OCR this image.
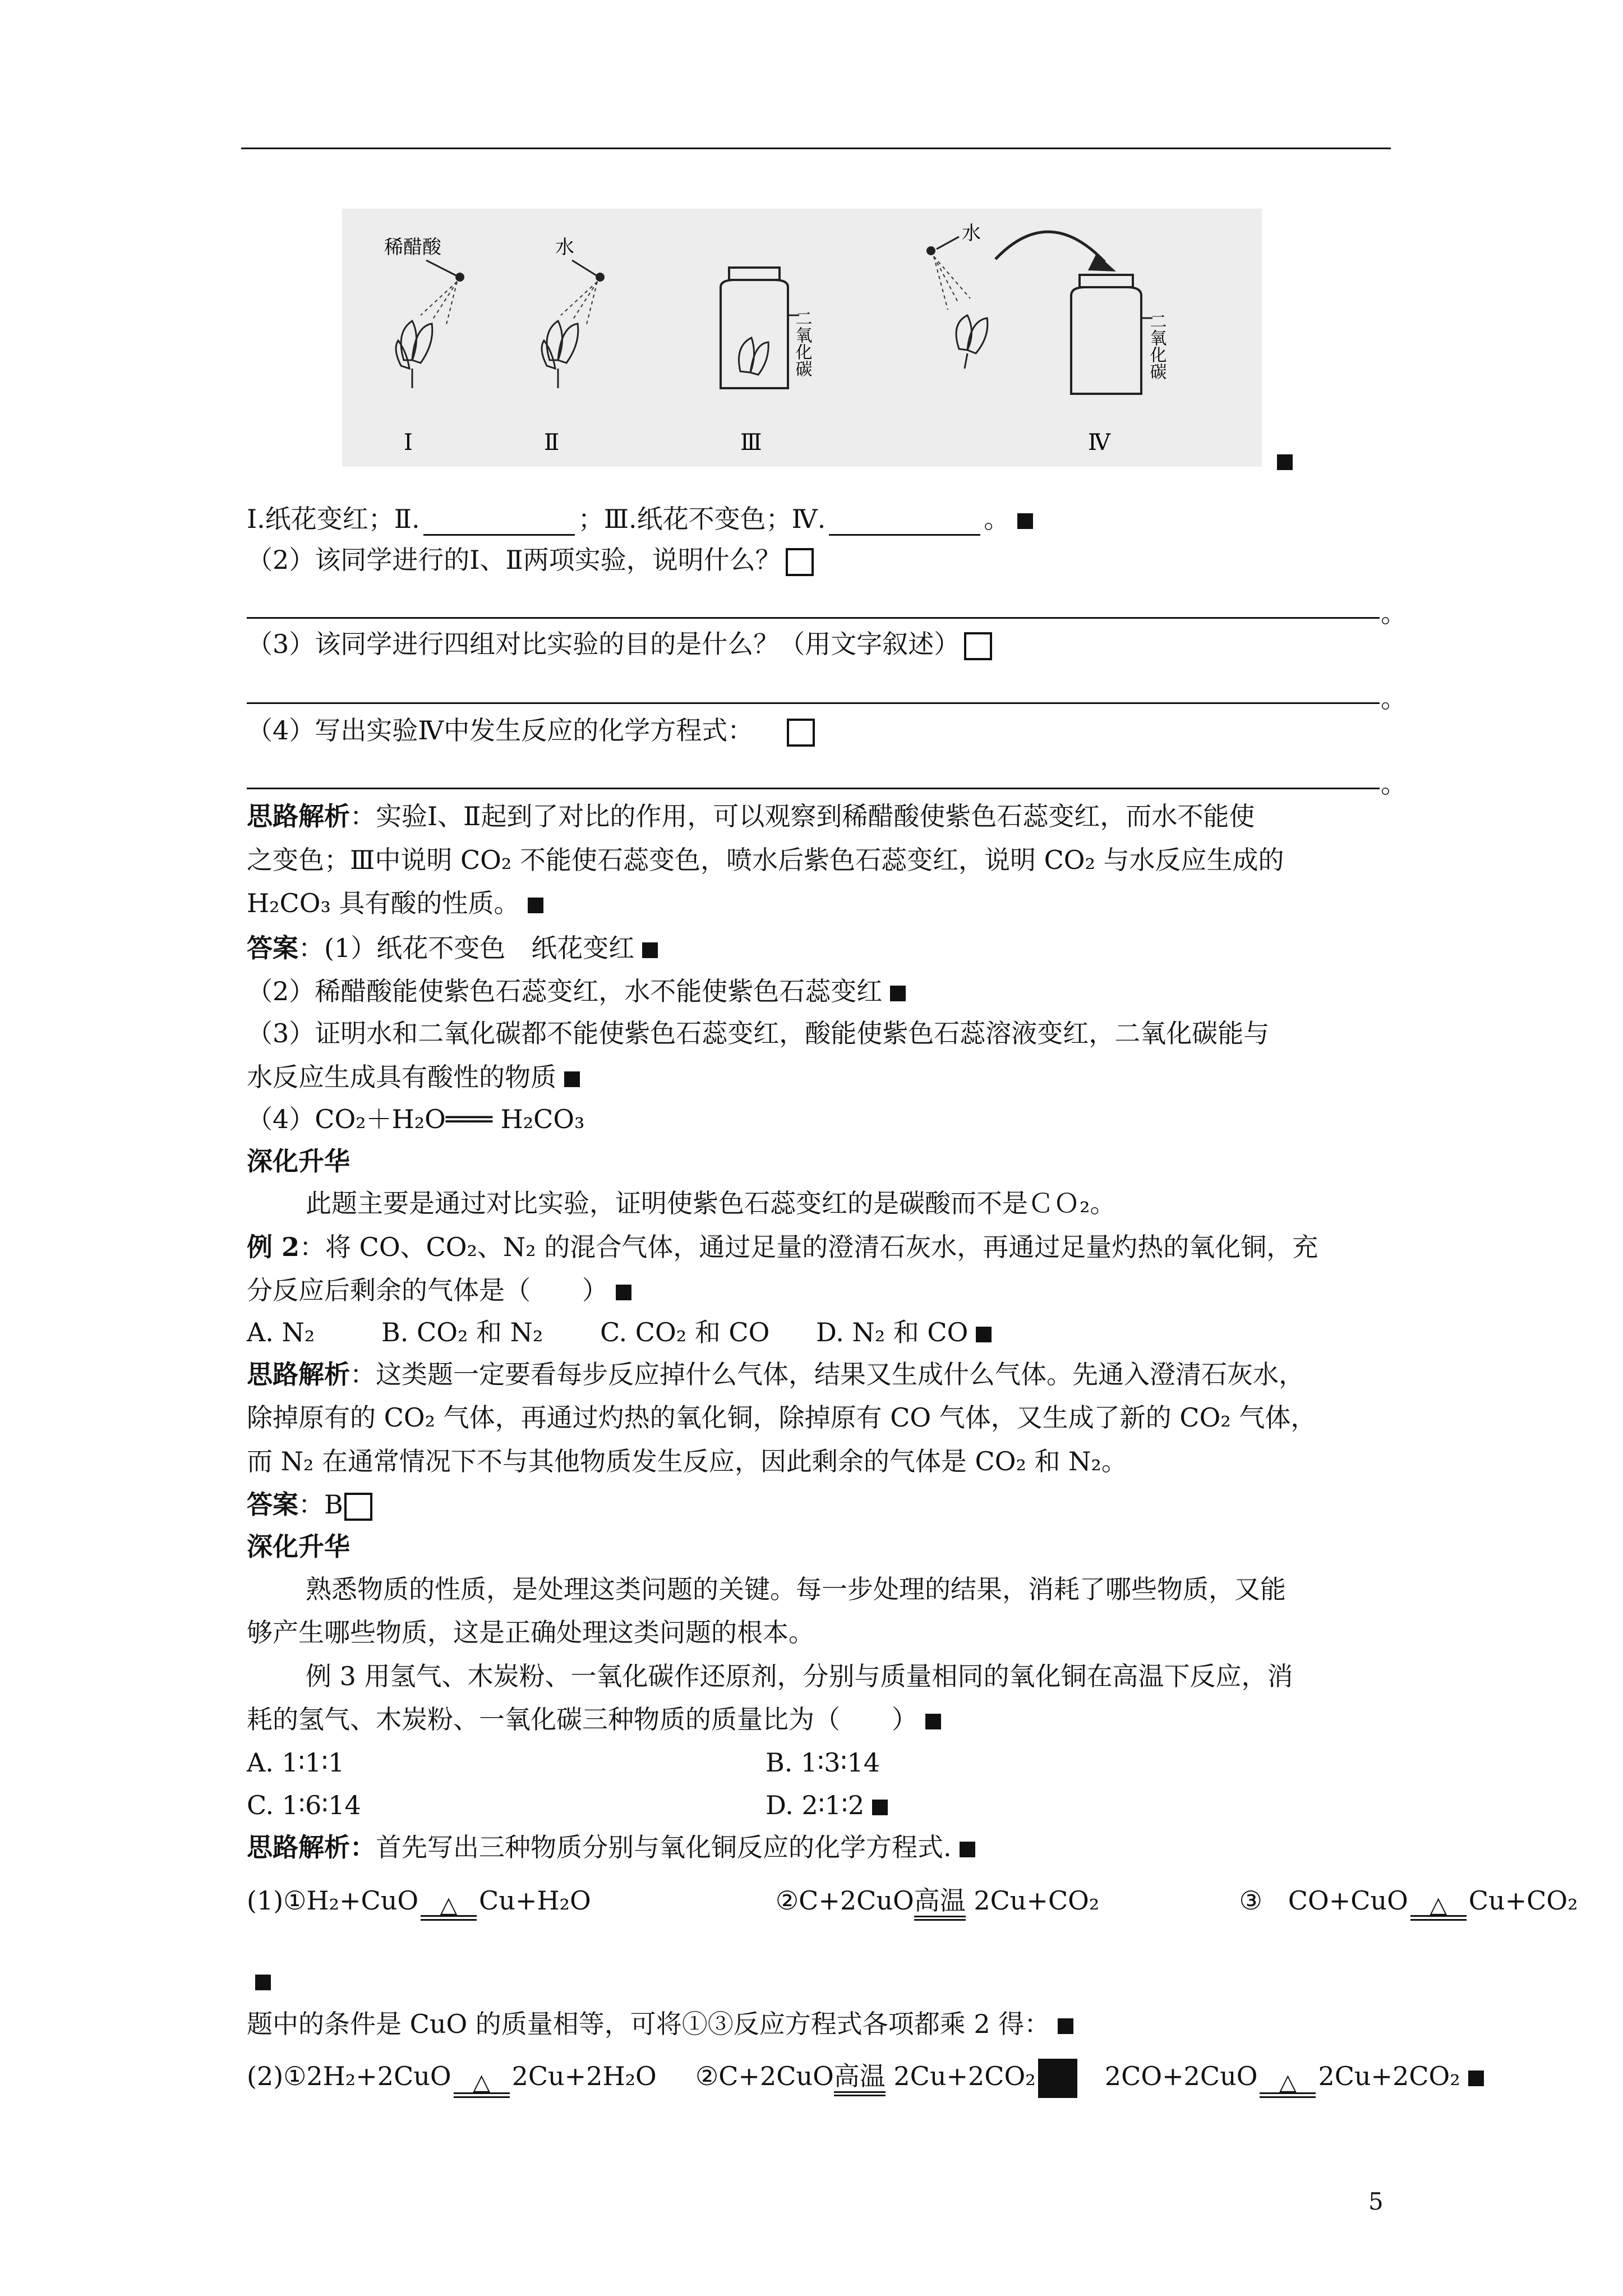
稀醋酸
Ⅰ
水
Ⅱ
二氧化碳
Ⅲ
水
二氧化碳
Ⅳ
Ⅰ.纸花变红；Ⅱ.	；Ⅲ.纸花不变色；Ⅳ.	。
（2）该同学进行的Ⅰ、Ⅱ两项实验，说明什么？
。
（3）该同学进行四组对比实验的目的是什么？（用文字叙述）
。
（4）写出实验Ⅳ中发生反应的化学方程式：
。
思路解析：实验Ⅰ、Ⅱ起到了对比的作用，可以观察到稀醋酸使紫色石蕊变红，而水不能使
之变色；Ⅲ中说明 CO₂ 不能使石蕊变色，喷水后紫色石蕊变红，说明 CO₂ 与水反应生成的
H₂CO₃ 具有酸的性质。
答案：(1）纸花不变色　纸花变红
（2）稀醋酸能使紫色石蕊变红，水不能使紫色石蕊变红
（3）证明水和二氧化碳都不能使紫色石蕊变红，酸能使紫色石蕊溶液变红，二氧化碳能与
水反应生成具有酸性的物质
（4）CO₂＋H₂O═══ H₂CO₃
深化升华
此题主要是通过对比实验，证明使紫色石蕊变红的是碳酸而不是ＣＯ₂。
例 2：将 CO、CO₂、N₂ 的混合气体，通过足量的澄清石灰水，再通过足量灼热的氧化铜，充
分反应后剩余的气体是（　　）
A. N₂	B. CO₂ 和 N₂ C. CO₂ 和 CO D. N₂ 和 CO
思路解析：这类题一定要看每步反应掉什么气体，结果又生成什么气体。先通入澄清石灰水，
除掉原有的 CO₂ 气体，再通过灼热的氧化铜，除掉原有 CO 气体，又生成了新的 CO₂ 气体，
而 N₂ 在通常情况下不与其他物质发生反应，因此剩余的气体是 CO₂ 和 N₂。
答案：B
深化升华
熟悉物质的性质，是处理这类问题的关键。每一步处理的结果，消耗了哪些物质，又能
够产生哪些物质，这是正确处理这类问题的根本。
例 3 用氢气、木炭粉、一氧化碳作还原剂，分别与质量相同的氧化铜在高温下反应，消
耗的氢气、木炭粉、一氧化碳三种物质的质量比为（　　）
A. 1∶1∶1	B. 1∶3∶14
C. 1∶6∶14	D. 2∶1∶2
思路解析：首先写出三种物质分别与氧化铜反应的化学方程式.
(1)①H₂+CuO △ Cu+H₂O	②C+2CuO高温 2Cu+CO₂	③　CO+CuO △ Cu+CO₂
题中的条件是 CuO 的质量相等，可将①③反应方程式各项都乘 2 得：
(2)①2H₂+2CuO △ 2Cu+2H₂O ②C+2CuO高温 2Cu+2CO₂	2CO+2CuO △ 2Cu+2CO₂
5
